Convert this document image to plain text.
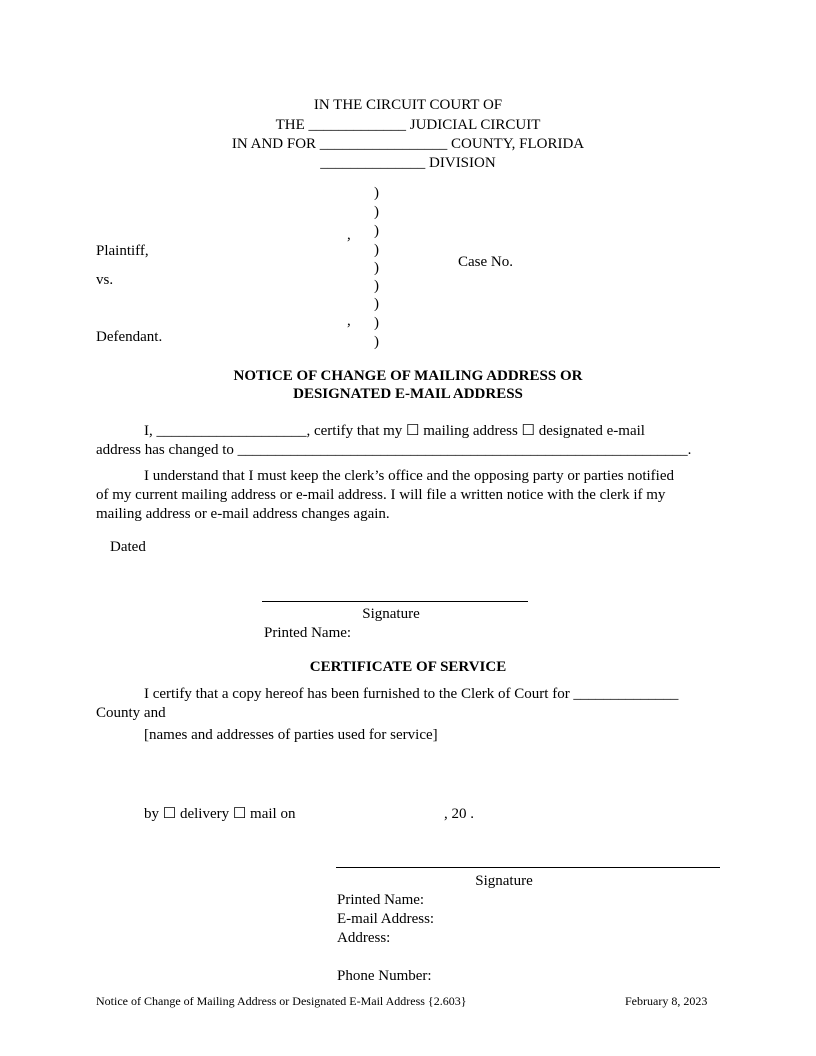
IN THE CIRCUIT COURT OF
THE _____________ JUDICIAL CIRCUIT
IN AND FOR _________________ COUNTY, FLORIDA
______________ DIVISION
)
)
)
)
)
)
)
)
)
,
Plaintiff,
vs.
,
Defendant.
Case No.
NOTICE OF CHANGE OF MAILING ADDRESS OR
DESIGNATED E-MAIL ADDRESS
I, ____________________, certify that my ☐ mailing address ☐ designated e-mail
address has changed to ____________________________________________________________.
I understand that I must keep the clerk’s office and the opposing party or parties notified
of my current mailing address or e-mail address. I will file a written notice with the clerk if my
mailing address or e-mail address changes again.
Dated
Signature
Printed Name:
CERTIFICATE OF SERVICE
I certify that a copy hereof has been furnished to the Clerk of Court for ______________
County and
[names and addresses of parties used for service]
by ☐ delivery ☐ mail on	, 20 .
Signature
Printed Name:
E-mail Address:
Address:
Phone Number:
Notice of Change of Mailing Address or Designated E-Mail Address {2.603}	February 8, 2023
